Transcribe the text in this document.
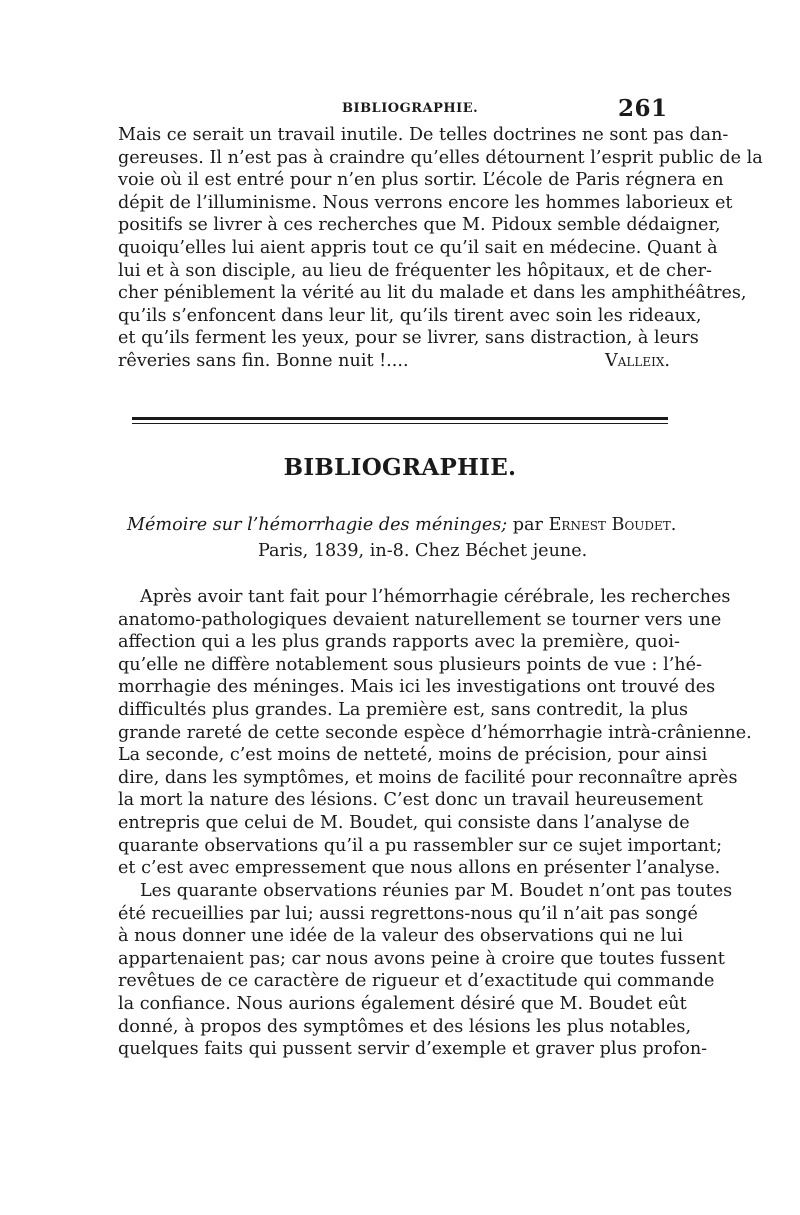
BIBLIOGRAPHIE.	261
Mais ce serait un travail inutile. De telles doctrines ne sont pas dan-
gereuses. Il n’est pas à craindre qu’elles détournent l’esprit public de la
voie où il est entré pour n’en plus sortir. L’école de Paris régnera en
dépit de l’illuminisme. Nous verrons encore les hommes laborieux et
positifs se livrer à ces recherches que M. Pidoux semble dédaigner,
quoiqu’elles lui aient appris tout ce qu’il sait en médecine. Quant à
lui et à son disciple, au lieu de fréquenter les hôpitaux, et de cher-
cher péniblement la vérité au lit du malade et dans les amphithéâtres,
qu’ils s’enfoncent dans leur lit, qu’ils tirent avec soin les rideaux,
et qu’ils ferment les yeux, pour se livrer, sans distraction, à leurs
rêveries sans fin. Bonne nuit !....	Valleix.
BIBLIOGRAPHIE.
Mémoire sur l’hémorrhagie des méninges; par Ernest Boudet.
Paris, 1839, in-8. Chez Béchet jeune.
Après avoir tant fait pour l’hémorrhagie cérébrale, les recherches
anatomo-pathologiques devaient naturellement se tourner vers une
affection qui a les plus grands rapports avec la première, quoi-
qu’elle ne diffère notablement sous plusieurs points de vue : l’hé-
morrhagie des méninges. Mais ici les investigations ont trouvé des
difficultés plus grandes. La première est, sans contredit, la plus
grande rareté de cette seconde espèce d’hémorrhagie intrà-crânienne.
La seconde, c’est moins de netteté, moins de précision, pour ainsi
dire, dans les symptômes, et moins de facilité pour reconnaître après
la mort la nature des lésions. C’est donc un travail heureusement
entrepris que celui de M. Boudet, qui consiste dans l’analyse de
quarante observations qu’il a pu rassembler sur ce sujet important;
et c’est avec empressement que nous allons en présenter l’analyse.
Les quarante observations réunies par M. Boudet n’ont pas toutes
été recueillies par lui; aussi regrettons-nous qu’il n’ait pas songé
à nous donner une idée de la valeur des observations qui ne lui
appartenaient pas; car nous avons peine à croire que toutes fussent
revêtues de ce caractère de rigueur et d’exactitude qui commande
la confiance. Nous aurions également désiré que M. Boudet eût
donné, à propos des symptômes et des lésions les plus notables,
quelques faits qui pussent servir d’exemple et graver plus profon-
